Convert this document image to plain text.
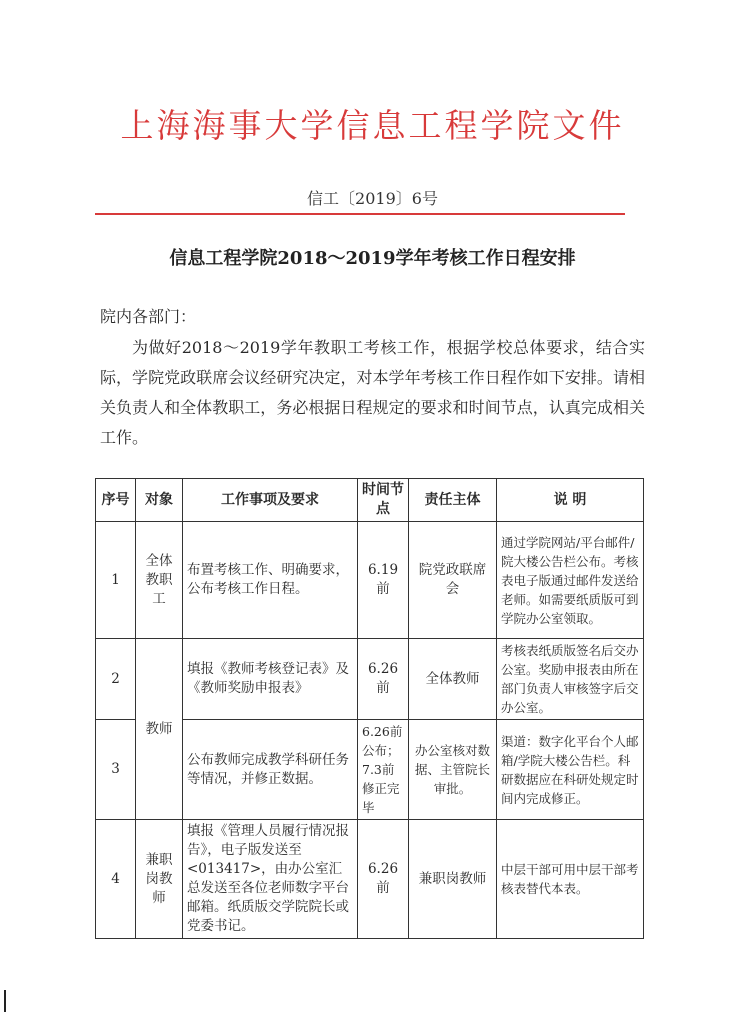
上海海事大学信息工程学院文件
信工〔2019〕6号
信息工程学院2018～2019学年考核工作日程安排
院内各部门：
为做好2018～2019学年教职工考核工作，根据学校总体要求，结合实际，学院党政联席会议经研究决定，对本学年考核工作日程作如下安排。请相关负责人和全体教职工，务必根据日程规定的要求和时间节点，认真完成相关工作。
序号	对象	工作事项及要求	时间节点	责任主体	说 明
1	全体教职工	布置考核工作、明确要求，公布考核工作日程。	6.19前	院党政联席会	通过学院网站/平台邮件/院大楼公告栏公布。考核表电子版通过邮件发送给老师。如需要纸质版可到学院办公室领取。
2	教师	填报《教师考核登记表》及《教师奖励申报表》	6.26前	全体教师	考核表纸质版签名后交办公室。奖励申报表由所在部门负责人审核签字后交办公室。
3		公布教师完成教学科研任务等情况，并修正数据。	6.26前公布；7.3前修正完毕	办公室核对数据、主管院长审批。	渠道：数字化平台个人邮箱/学院大楼公告栏。科研数据应在科研处规定时间内完成修正。
4	兼职岗教师	填报《管理人员履行情况报告》，电子版发送至<013417>，由办公室汇总发送至各位老师数字平台邮箱。纸质版交学院院长或党委书记。	6.26前	兼职岗教师	中层干部可用中层干部考核表替代本表。
